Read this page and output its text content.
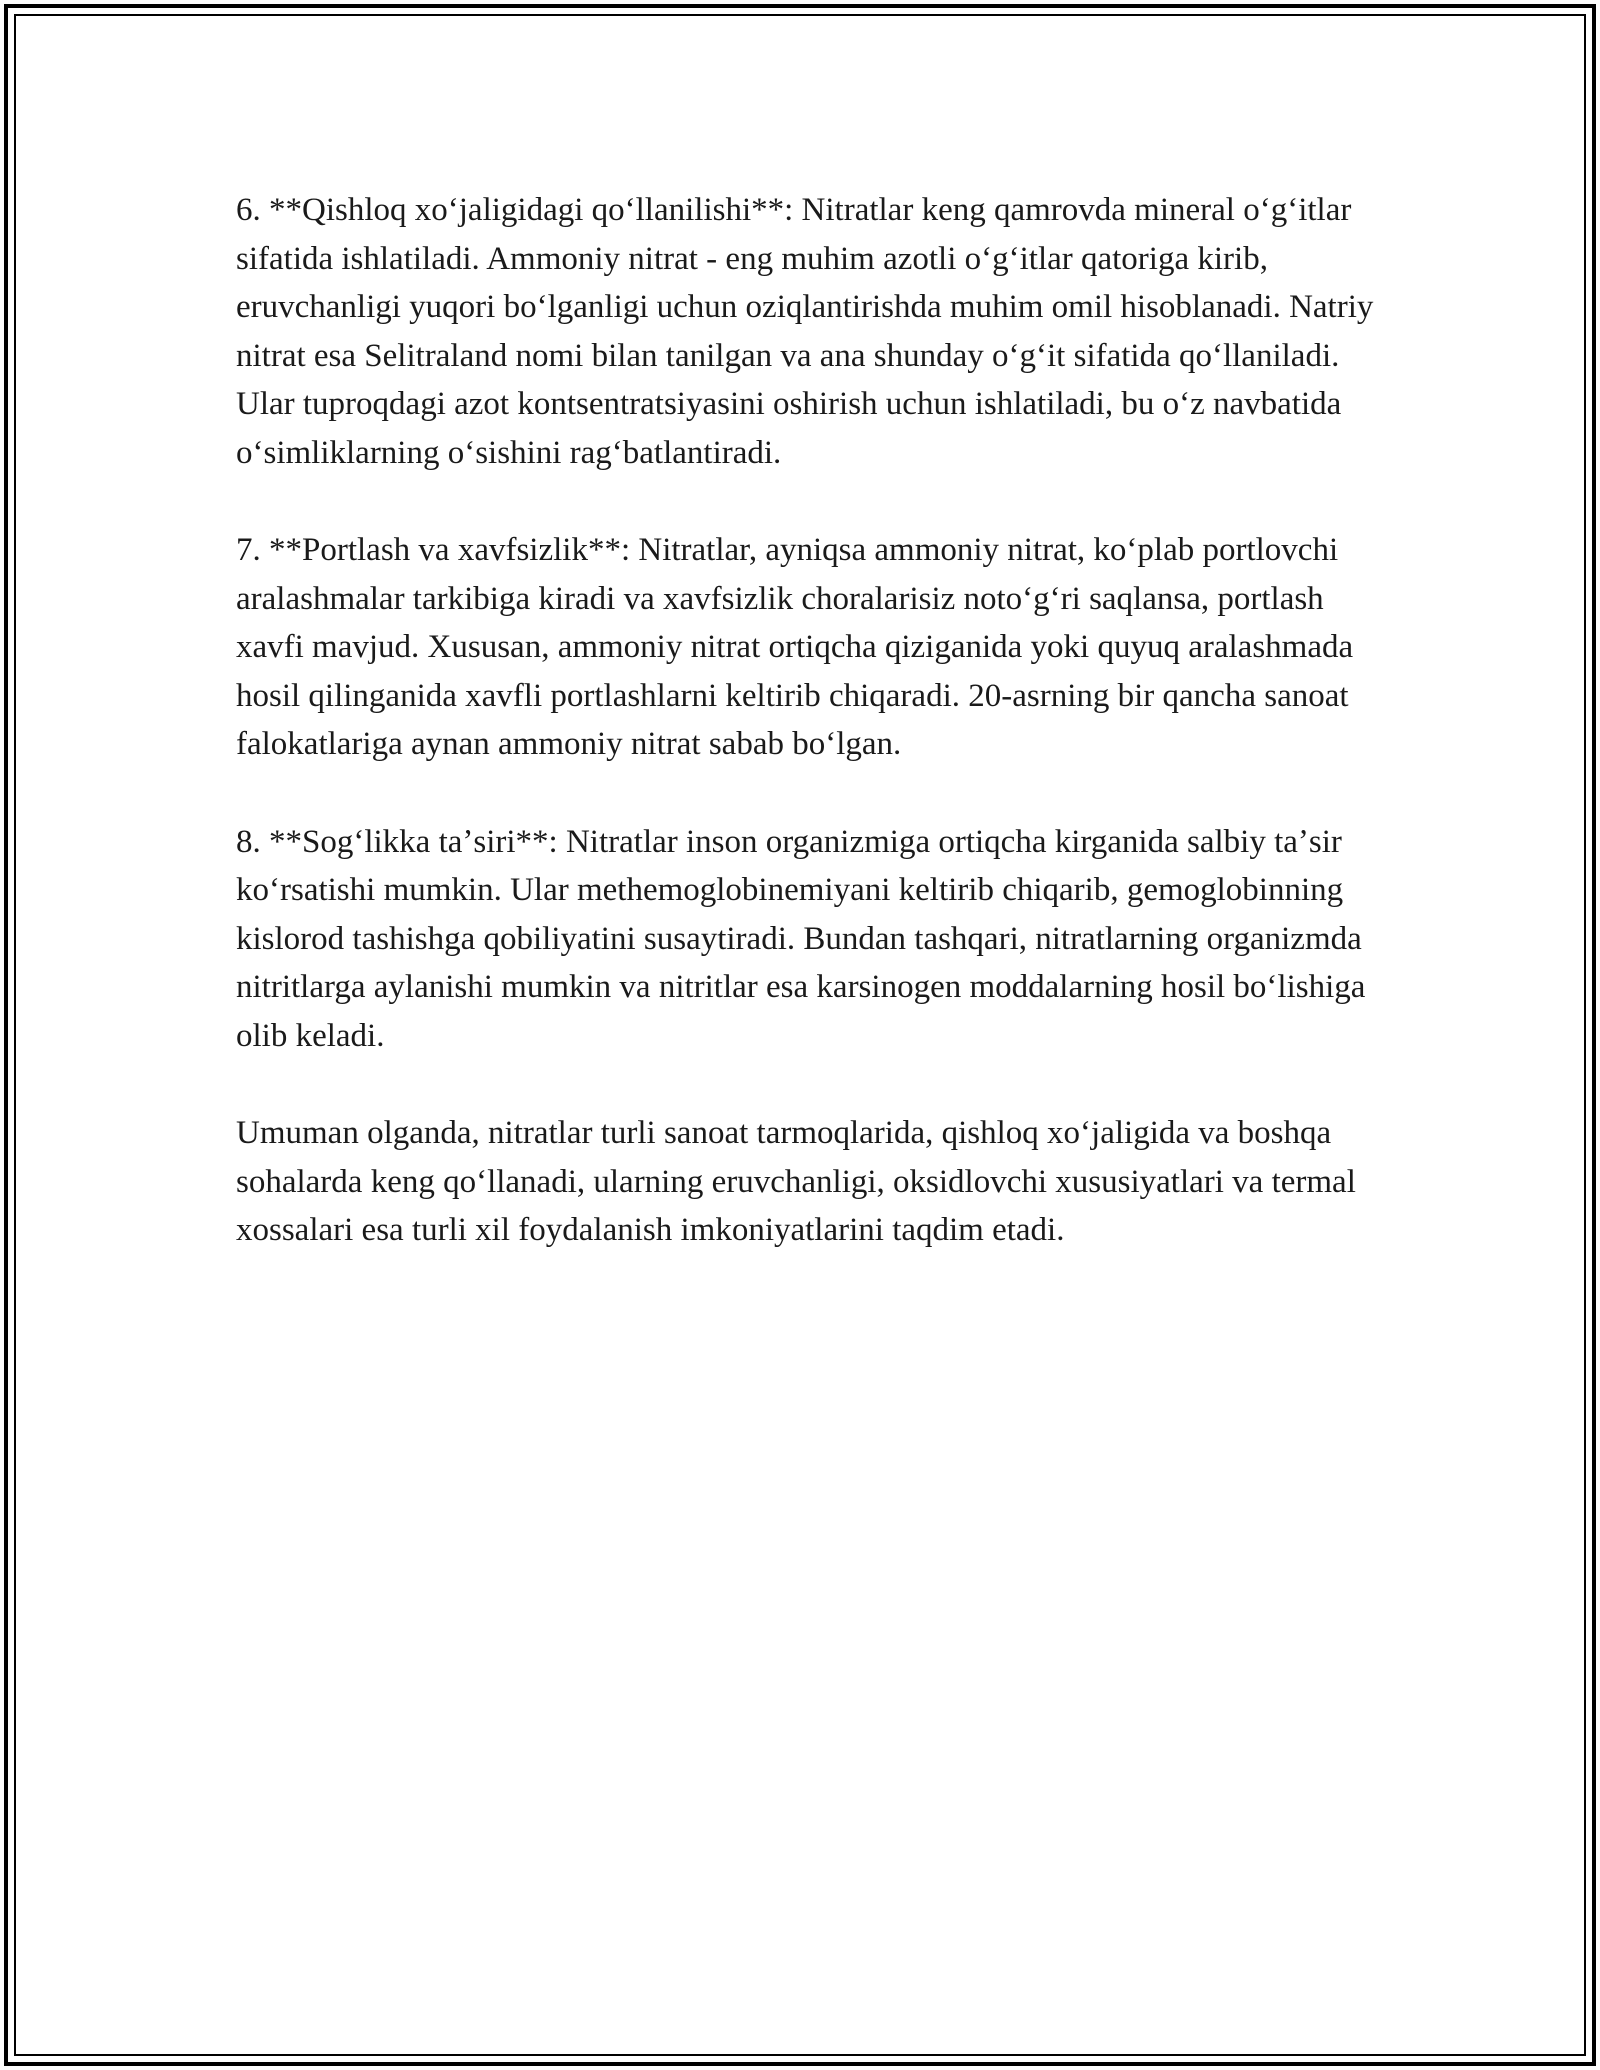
6. **Qishloq xoʻjaligidagi qoʻllanilishi**: Nitratlar keng qamrovda mineral oʻgʻitlar sifatida ishlatiladi. Ammoniy nitrat - eng muhim azotli oʻgʻitlar qatoriga kirib, eruvchanligi yuqori boʻlganligi uchun oziqlantirishda muhim omil hisoblanadi. Natriy nitrat esa Selitraland nomi bilan tanilgan va ana shunday oʻgʻit sifatida qoʻllaniladi. Ular tuproqdagi azot kontsentratsiyasini oshirish uchun ishlatiladi, bu oʻz navbatida oʻsimliklarning oʻsishini ragʻbatlantiradi.

7. **Portlash va xavfsizlik**: Nitratlar, ayniqsa ammoniy nitrat, koʻplab portlovchi aralashmalar tarkibiga kiradi va xavfsizlik choralarisiz notoʻgʻri saqlansa, portlash xavfi mavjud. Xususan, ammoniy nitrat ortiqcha qiziganida yoki quyuq aralashmada hosil qilinganida xavfli portlashlarni keltirib chiqaradi. 20-asrning bir qancha sanoat falokatlariga aynan ammoniy nitrat sabab boʻlgan.

8. **Sogʻlikka taʼsiri**: Nitratlar inson organizmiga ortiqcha kirganida salbiy taʼsir koʻrsatishi mumkin. Ular methemoglobinemiyani keltirib chiqarib, gemoglobinning kislorod tashishga qobiliyatini susaytiradi. Bundan tashqari, nitratlarning organizmda nitritlarga aylanishi mumkin va nitritlar esa karsinogen moddalarning hosil boʻlishiga olib keladi.

Umuman olganda, nitratlar turli sanoat tarmoqlarida, qishloq xoʻjaligida va boshqa sohalarda keng qoʻllanadi, ularning eruvchanligi, oksidlovchi xususiyatlari va termal xossalari esa turli xil foydalanish imkoniyatlarini taqdim etadi.
